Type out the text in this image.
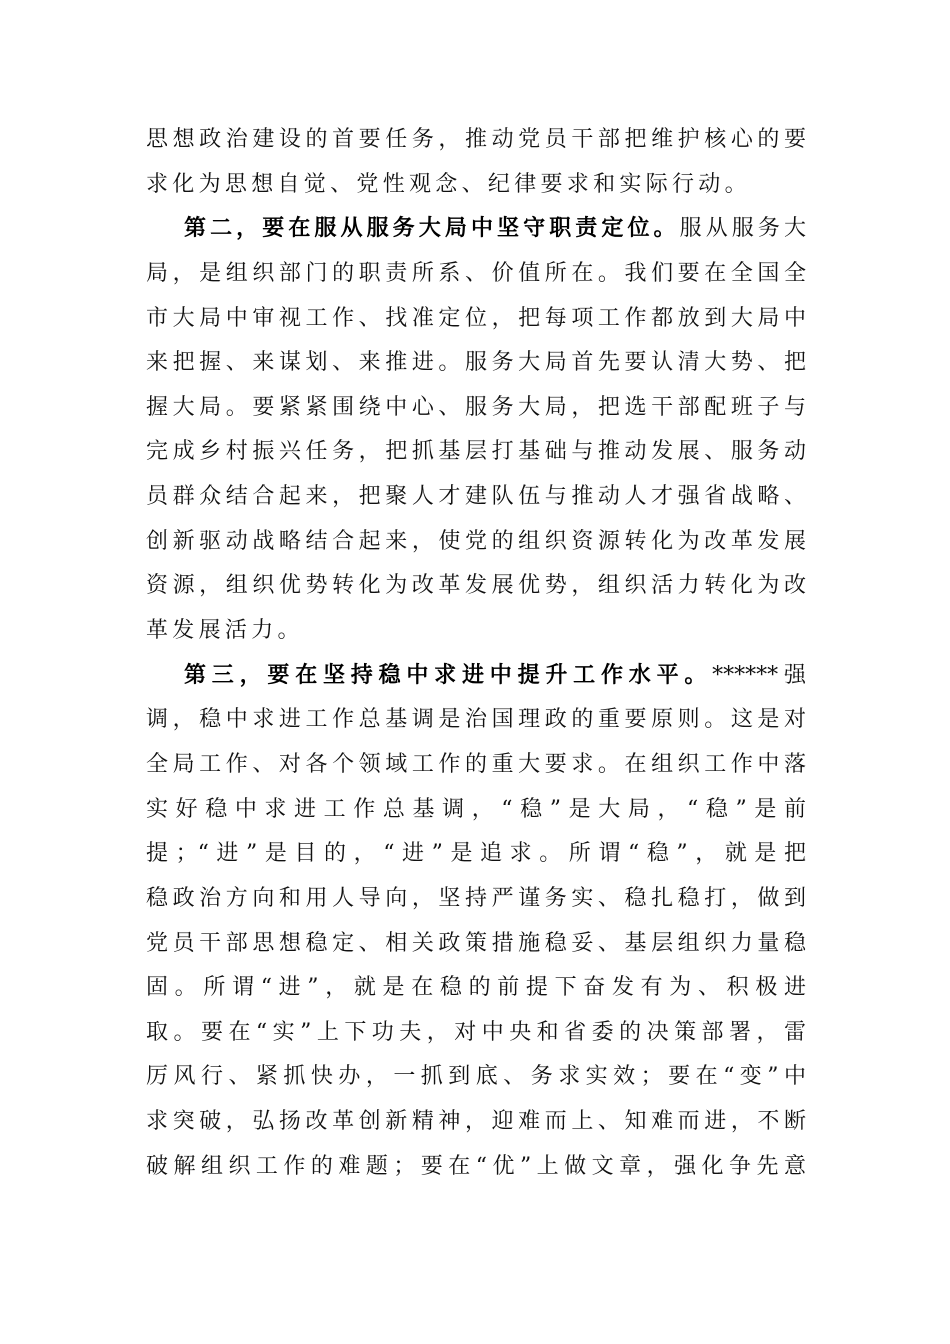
思想政治建设的首要任务，推动党员干部把维护核心的要
求化为思想自觉、党性观念、纪律要求和实际行动。
第二，要在服从服务大局中坚守职责定位。服从服务大
局，是组织部门的职责所系、价值所在。我们要在全国全
市大局中审视工作、找准定位，把每项工作都放到大局中
来把握、来谋划、来推进。服务大局首先要认清大势、把
握大局。要紧紧围绕中心、服务大局，把选干部配班子与
完成乡村振兴任务，把抓基层打基础与推动发展、服务动
员群众结合起来，把聚人才建队伍与推动人才强省战略、
创新驱动战略结合起来，使党的组织资源转化为改革发展
资源，组织优势转化为改革发展优势，组织活力转化为改
革发展活力。
第三，要在坚持稳中求进中提升工作水平。******强
调，稳中求进工作总基调是治国理政的重要原则。这是对
全局工作、对各个领域工作的重大要求。在组织工作中落
实好稳中求进工作总基调，“稳”是大局，“稳”是前
提；“进”是目的，“进”是追求。所谓“稳”，就是把
稳政治方向和用人导向，坚持严谨务实、稳扎稳打，做到
党员干部思想稳定、相关政策措施稳妥、基层组织力量稳
固。所谓“进”，就是在稳的前提下奋发有为、积极进
取。要在“实”上下功夫，对中央和省委的决策部署，雷
厉风行、紧抓快办，一抓到底、务求实效；要在“变”中
求突破，弘扬改革创新精神，迎难而上、知难而进，不断
破解组织工作的难题；要在“优”上做文章，强化争先意
